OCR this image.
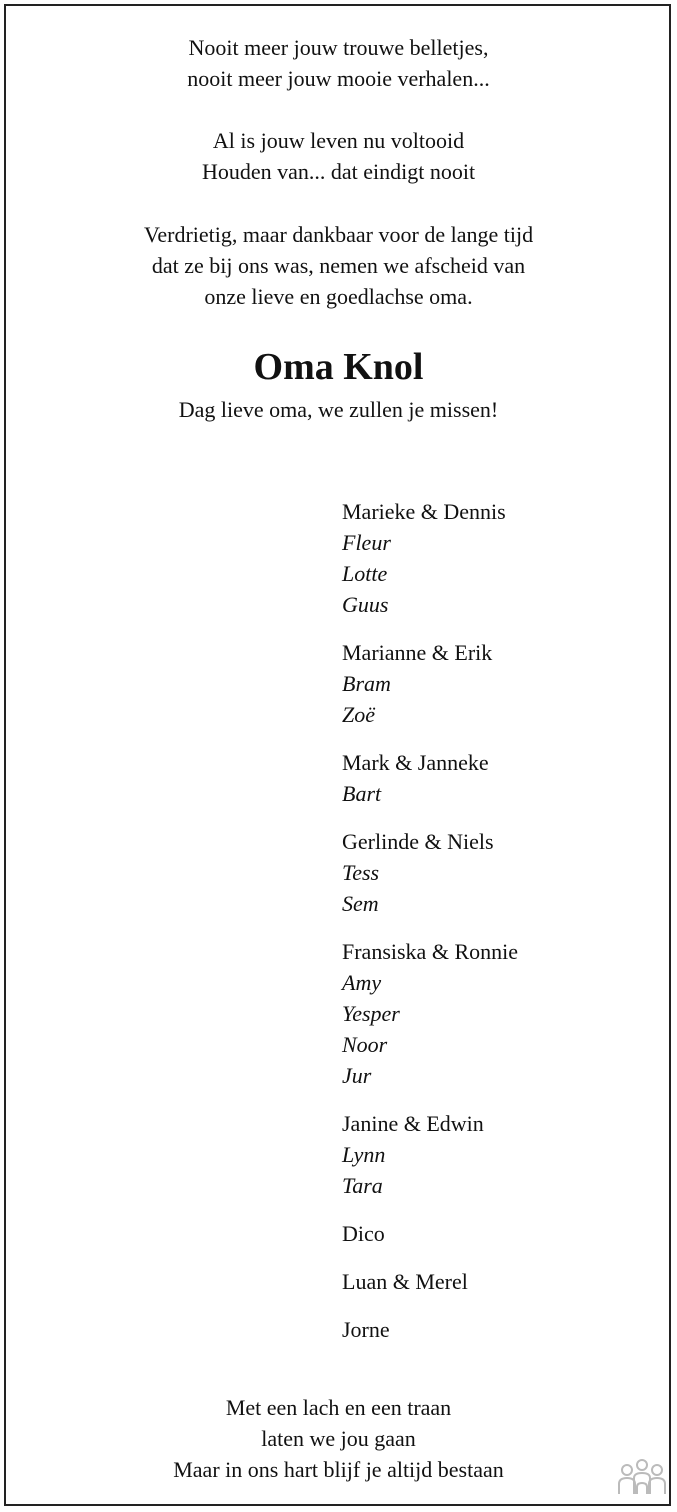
Nooit meer jouw trouwe belletjes,
nooit meer jouw mooie verhalen...
Al is jouw leven nu voltooid
Houden van... dat eindigt nooit
Verdrietig, maar dankbaar voor de lange tijd
dat ze bij ons was, nemen we afscheid van
onze lieve en goedlachse oma.
Oma Knol
Dag lieve oma, we zullen je missen!
Marieke & Dennis
Fleur
Lotte
Guus
Marianne & Erik
Bram
Zoë
Mark & Janneke
Bart
Gerlinde & Niels
Tess
Sem
Fransiska & Ronnie
Amy
Yesper
Noor
Jur
Janine & Edwin
Lynn
Tara
Dico
Luan & Merel
Jorne
Met een lach en een traan
laten we jou gaan
Maar in ons hart blijf je altijd bestaan
